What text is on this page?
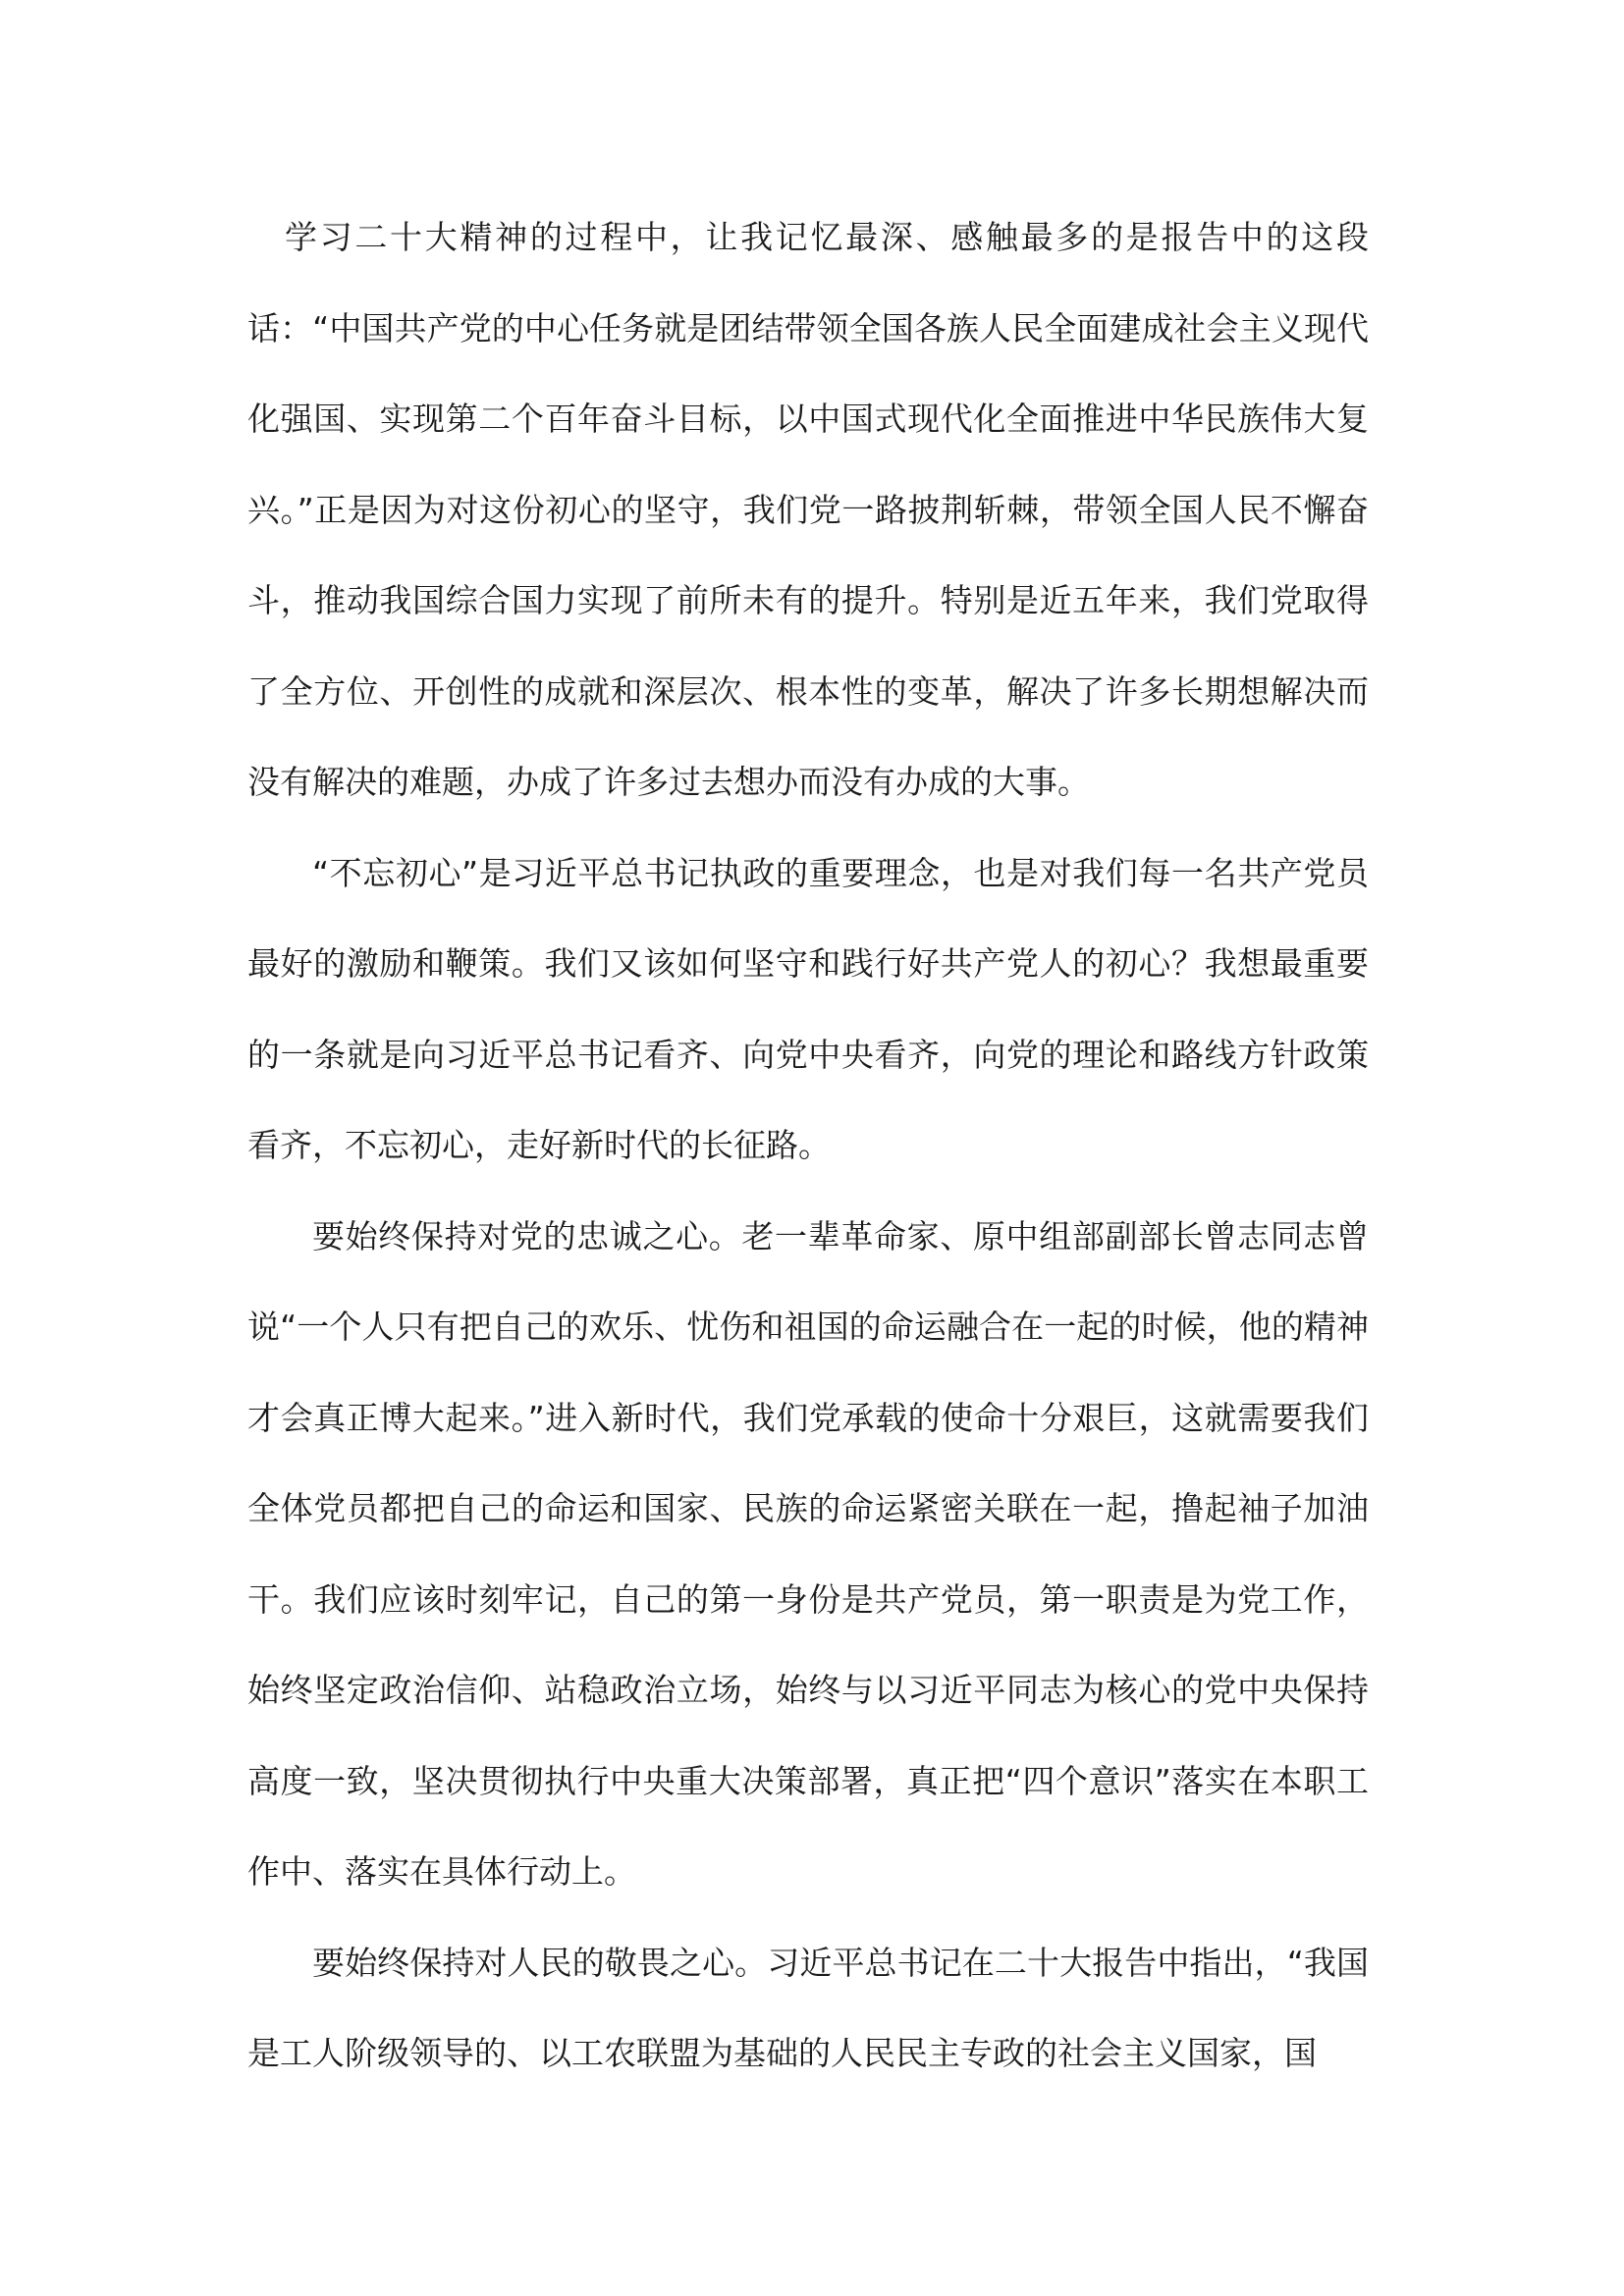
学习二十大精神的过程中，让我记忆最深、感触最多的是报告中的这段话：“中国共产党的中心任务就是团结带领全国各族人民全面建成社会主义现代化强国、实现第二个百年奋斗目标，以中国式现代化全面推进中华民族伟大复兴。”正是因为对这份初心的坚守，我们党一路披荆斩棘，带领全国人民不懈奋斗，推动我国综合国力实现了前所未有的提升。特别是近五年来，我们党取得了全方位、开创性的成就和深层次、根本性的变革，解决了许多长期想解决而没有解决的难题，办成了许多过去想办而没有办成的大事。

“不忘初心”是习近平总书记执政的重要理念，也是对我们每一名共产党员最好的激励和鞭策。我们又该如何坚守和践行好共产党人的初心？我想最重要的一条就是向习近平总书记看齐、向党中央看齐，向党的理论和路线方针政策看齐，不忘初心，走好新时代的长征路。

要始终保持对党的忠诚之心。老一辈革命家、原中组部副部长曾志同志曾说“一个人只有把自己的欢乐、忧伤和祖国的命运融合在一起的时候，他的精神才会真正博大起来。”进入新时代，我们党承载的使命十分艰巨，这就需要我们全体党员都把自己的命运和国家、民族的命运紧密关联在一起，撸起袖子加油干。我们应该时刻牢记，自己的第一身份是共产党员，第一职责是为党工作，始终坚定政治信仰、站稳政治立场，始终与以习近平同志为核心的党中央保持高度一致，坚决贯彻执行中央重大决策部署，真正把“四个意识”落实在本职工作中、落实在具体行动上。

要始终保持对人民的敬畏之心。习近平总书记在二十大报告中指出，“我国是工人阶级领导的、以工农联盟为基础的人民民主专政的社会主义国家，国
